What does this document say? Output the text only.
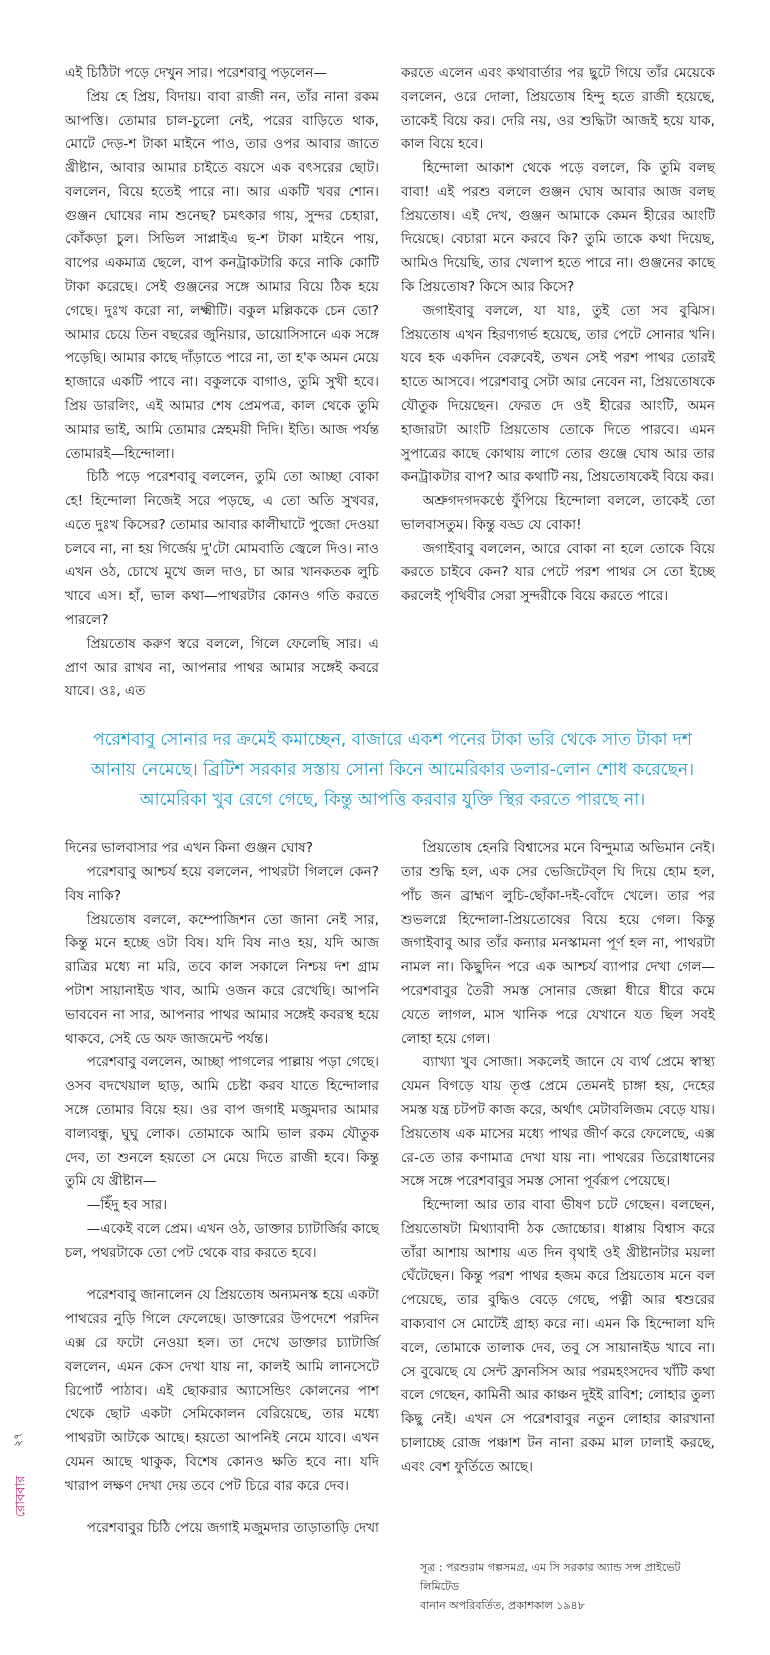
এই চিঠিটা পড়ে দেখুন সার। পরেশবাবু পড়লেন—

প্রিয় হে প্রিয়, বিদায়। বাবা রাজী নন, তাঁর নানা রকম আপত্তি। তোমার চাল-চুলো নেই, পরের বাড়িতে থাক, মোটে দেড়-শ টাকা মাইনে পাও, তার ওপর আবার জাতে খ্রীষ্টান, আবার আমার চাইতে বয়সে এক বৎসরের ছোট। বললেন, বিয়ে হতেই পারে না। আর একটি খবর শোন। গুঞ্জন ঘোষের নাম শুনেছ? চমৎকার গায়, সুন্দর চেহারা, কোঁকড়া চুল। সিভিল সাপ্লাইএ ছ-শ টাকা মাইনে পায়, বাপের একমাত্র ছেলে, বাপ কনট্রাকটারি করে নাকি কোটি টাকা করেছে। সেই গুঞ্জনের সঙ্গে আমার বিয়ে ঠিক হয়ে গেছে। দুঃখ করো না, লক্ষ্মীটি। বকুল মল্লিককে চেন তো? আমার চেয়ে তিন বছরের জুনিয়ার, ডায়োসিসানে এক সঙ্গে পড়েছি। আমার কাছে দাঁড়াতে পারে না, তা হ'ক অমন মেয়ে হাজারে একটি পাবে না। বকুলকে বাগাও, তুমি সুখী হবে। প্রিয় ডারলিং, এই আমার শেষ প্রেমপত্র, কাল থেকে তুমি আমার ভাই, আমি তোমার স্নেহময়ী দিদি। ইতি। আজ পর্যন্ত তোমারই—হিন্দোলা।

চিঠি পড়ে পরেশবাবু বললেন, তুমি তো আচ্ছা বোকা হে! হিন্দোলা নিজেই সরে পড়ছে, এ তো অতি সুখবর, এতে দুঃখ কিসের? তোমার আবার কালীঘাটে পুজো দেওয়া চলবে না, না হয় গির্জেয় দু'টো মোমবাতি জ্বেলে দিও। নাও এখন ওঠ, চোখে মুখে জল দাও, চা আর খানকতক লুচি খাবে এস। হাঁ, ভাল কথা—পাথরটার কোনও গতি করতে পারলে?

প্রিয়তোষ করুণ স্বরে বললে, গিলে ফেলেছি সার। এ প্রাণ আর রাখব না, আপনার পাথর আমার সঙ্গেই কবরে যাবে। ওঃ, এত

করতে এলেন এবং কথাবার্তার পর ছুটে গিয়ে তাঁর মেয়েকে বললেন, ওরে দোলা, প্রিয়তোষ হিন্দু হতে রাজী হয়েছে, তাকেই বিয়ে কর। দেরি নয়, ওর শুদ্ধিটা আজই হয়ে যাক, কাল বিয়ে হবে।

হিন্দোলা আকাশ থেকে পড়ে বললে, কি তুমি বলছ বাবা! এই পরশু বললে গুঞ্জন ঘোষ আবার আজ বলছ প্রিয়তোষ। এই দেখ, গুঞ্জন আমাকে কেমন হীরের আংটি দিয়েছে। বেচারা মনে করবে কি? তুমি তাকে কথা দিয়েছ, আমিও দিয়েছি, তার খেলাপ হতে পারে না। গুঞ্জনের কাছে কি প্রিয়তোষ? কিসে আর কিসে?

জগাইবাবু বললে, যা যাঃ, তুই তো সব বুঝিস। প্রিয়তোষ এখন হিরণ্যগর্ভ হয়েছে, তার পেটে সোনার খনি। যবে হক একদিন বেরুবেই, তখন সেই পরশ পাথর তোরই হাতে আসবে। পরেশবাবু সেটা আর নেবেন না, প্রিয়তোষকে যৌতুক দিয়েছেন। ফেরত দে ওই হীরের আংটি, অমন হাজারটা আংটি প্রিয়তোষ তোকে দিতে পারবে। এমন সুপাত্রের কাছে কোথায় লাগে তোর গুঞ্জে ঘোষ আর তার কনট্রাকটার বাপ? আর কথাটি নয়, প্রিয়তোষকেই বিয়ে কর।

অশ্রুগদগদকণ্ঠে ফুঁপিয়ে হিন্দোলা বললে, তাকেই তো ভালবাসতুম। কিন্তু বড্ড যে বোকা!

জগাইবাবু বললেন, আরে বোকা না হলে তোকে বিয়ে করতে চাইবে কেন? যার পেটে পরশ পাথর সে তো ইচ্ছে করলেই পৃথিবীর সেরা সুন্দরীকে বিয়ে করতে পারে।

পরেশবাবু সোনার দর ক্রমেই কমাচ্ছেন, বাজারে একশ পনের টাকা ভরি থেকে সাত টাকা দশ আনায় নেমেছে। ব্রিটিশ সরকার সস্তায় সোনা কিনে আমেরিকার ডলার-লোন শোধ করেছেন। আমেরিকা খুব রেগে গেছে, কিন্তু আপত্তি করবার যুক্তি স্থির করতে পারছে না।
২৭
রোববার

দিনের ভালবাসার পর এখন কিনা গুঞ্জন ঘোষ?

পরেশবাবু আশ্চর্য হয়ে বললেন, পাথরটা গিললে কেন? বিষ নাকি?

প্রিয়তোষ বললে, কম্পোজিশন তো জানা নেই সার, কিন্তু মনে হচ্ছে ওটা বিষ। যদি বিষ নাও হয়, যদি আজ রাত্রির মধ্যে না মরি, তবে কাল সকালে নিশ্চয় দশ গ্রাম পটাশ সায়ানাইড খাব, আমি ওজন করে রেখেছি। আপনি ভাববেন না সার, আপনার পাথর আমার সঙ্গেই কবরস্থ হয়ে থাকবে, সেই ডে অফ জাজমেন্ট পর্যন্ত।

পরেশবাবু বললেন, আচ্ছা পাগলের পাল্লায় পড়া গেছে। ওসব বদখেয়াল ছাড়, আমি চেষ্টা করব যাতে হিন্দোলার সঙ্গে তোমার বিয়ে হয়। ওর বাপ জগাই মজুমদার আমার বাল্যবন্ধু, ঘুঘু লোক। তোমাকে আমি ভাল রকম যৌতুক দেব, তা শুনলে হয়তো সে মেয়ে দিতে রাজী হবে। কিন্তু তুমি যে খ্রীষ্টান—

—হিঁদু হব সার।

—একেই বলে প্রেম। এখন ওঠ, ডাক্তার চ্যাটার্জির কাছে চল, পথরটাকে তো পেট থেকে বার করতে হবে।

পরেশবাবু জানালেন যে প্রিয়তোষ অন্যমনস্ক হয়ে একটা পাথরের নুড়ি গিলে ফেলেছে। ডাক্তারের উপদেশে পরদিন এক্স রে ফটো নেওয়া হল। তা দেখে ডাক্তার চ্যাটার্জি বললেন, এমন কেস দেখা যায় না, কালই আমি লানসেটে রিপোর্ট পাঠাব। এই ছোকরার অ্যাসেন্ডিং কোলনের পাশ থেকে ছোট একটা সেমিকোলন বেরিয়েছে, তার মধ্যে পাথরটা আটকে আছে। হয়তো আপনিই নেমে যাবে। এখন যেমন আছে থাকুক, বিশেষ কোনও ক্ষতি হবে না। যদি খারাপ লক্ষণ দেখা দেয় তবে পেট চিরে বার করে দেব।

পরেশবাবুর চিঠি পেয়ে জগাই মজুমদার তাড়াতাড়ি দেখা

প্রিয়তোষ হেনরি বিশ্বাসের মনে বিন্দুমাত্র অভিমান নেই। তার শুদ্ধি হল, এক সের ভেজিটেব্‌ল ঘি দিয়ে হোম হল, পাঁচ জন ব্রাহ্মণ লুচি-ছোঁকা-দই-বোঁদে খেলে। তার পর শুভলগ্নে হিন্দোলা-প্রিয়তোষের বিয়ে হয়ে গেল। কিন্তু জগাইবাবু আর তাঁর কন্যার মনস্কামনা পূর্ণ হল না, পাথরটা নামল না। কিছুদিন পরে এক আশ্চর্য ব্যাপার দেখা গেল—পরেশবাবুর তৈরী সমস্ত সোনার জেল্লা ধীরে ধীরে কমে যেতে লাগল, মাস খানিক পরে যেখানে যত ছিল সবই লোহা হয়ে গেল।

ব্যাখ্যা খুব সোজা। সকলেই জানে যে ব্যর্থ প্রেমে স্বাস্থ্য যেমন বিগড়ে যায় তৃপ্ত প্রেমে তেমনই চাঙ্গা হয়, দেহের সমস্ত যন্ত্র চটপট কাজ করে, অর্থাৎ মেটাবলিজম বেড়ে যায়। প্রিয়তোষ এক মাসের মধ্যে পাথর জীর্ণ করে ফেলেছে, এক্স রে-তে তার কণামাত্র দেখা যায় না। পাথরের তিরোধানের সঙ্গে সঙ্গে পরেশবাবুর সমস্ত সোনা পূর্বরূপ পেয়েছে।

হিন্দোলা আর তার বাবা ভীষণ চটে গেছেন। বলছেন, প্রিয়তোষটা মিথ্যাবাদী ঠক জোচ্চোর। ধাপ্পায় বিশ্বাস করে তাঁরা আশায় আশায় এত দিন বৃথাই ওই খ্রীষ্টানটার ময়লা ঘেঁটেছেন। কিন্তু পরশ পাথর হজম করে প্রিয়তোষ মনে বল পেয়েছে, তার বুদ্ধিও বেড়ে গেছে, পত্নী আর শ্বশুরের বাক্যবাণ সে মোটেই গ্রাহ্য করে না। এমন কি হিন্দোলা যদি বলে, তোমাকে তালাক দেব, তবু সে সায়ানাইড খাবে না। সে বুঝেছে যে সেন্ট ফ্রানসিস আর পরমহংসদেব খাঁটি কথা বলে গেছেন, কামিনী আর কাঞ্চন দুইই রাবিশ; লোহার তুল্য কিছু নেই। এখন সে পরেশবাবুর নতুন লোহার কারখানা চালাচ্ছে রোজ পঞ্চাশ টন নানা রকম মাল ঢালাই করছে, এবং বেশ ফুর্তিতে আছে।

সূত্র : পরশুরাম গল্পসমগ্র, এম সি সরকার অ্যান্ড সন্স প্রাইভেট লিমিটেড
বানান অপরিবর্তিত, প্রকাশকাল ১৯৪৮
